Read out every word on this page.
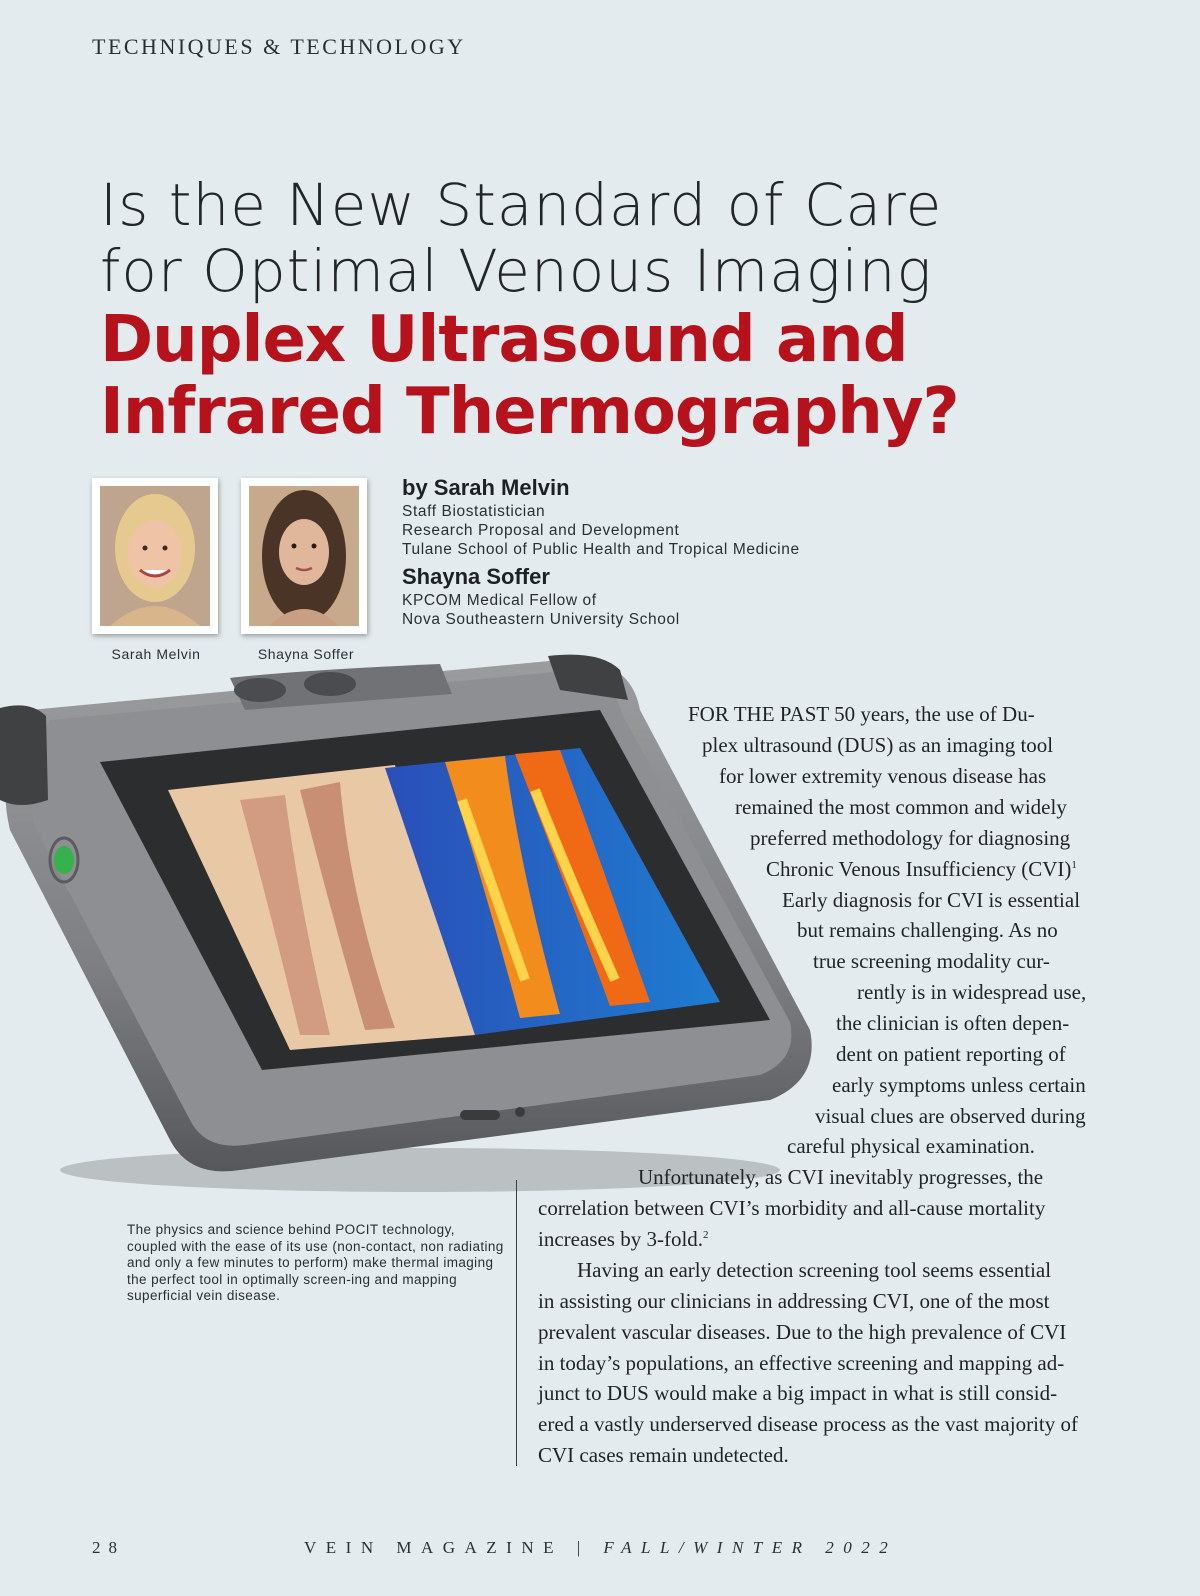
TECHNIQUES & TECHNOLOGY
Is the New Standard of Care
for Optimal Venous Imaging
Duplex Ultrasound and
Infrared Thermography?
Sarah Melvin	Shayna Soffer
by Sarah Melvin
Staff Biostatistician
Research Proposal and Development
Tulane School of Public Health and Tropical Medicine
Shayna Soffer
KPCOM Medical Fellow of
Nova Southeastern University School
The physics and science behind POCIT technology, coupled with the ease of its use (non-contact, non radiating and only a few minutes to perform) make thermal imaging the perfect tool in optimally screen-ing and mapping superficial vein disease.
FOR THE PAST 50 years, the use of Du-
plex ultrasound (DUS) as an imaging tool
for lower extremity venous disease has
remained the most common and widely
preferred methodology for diagnosing
Chronic Venous Insufficiency (CVI)$^1$
Early diagnosis for CVI is essential
but remains challenging. As no
true screening modality cur-
rently is in widespread use,
the clinician is often depen-
dent on patient reporting of
early symptoms unless certain
visual clues are observed during
careful physical examination.
Unfortunately, as CVI inevitably progresses, the
correlation between CVI’s morbidity and all-cause mortality
increases by 3-fold.$^2$
Having an early detection screening tool seems essential
in assisting our clinicians in addressing CVI, one of the most
prevalent vascular diseases. Due to the high prevalence of CVI
in today’s populations, an effective screening and mapping ad-
junct to DUS would make a big impact in what is still consid-
ered a vastly underserved disease process as the vast majority of
CVI cases remain undetected.
28	VEIN MAGAZINE | FALL/WINTER 2022
